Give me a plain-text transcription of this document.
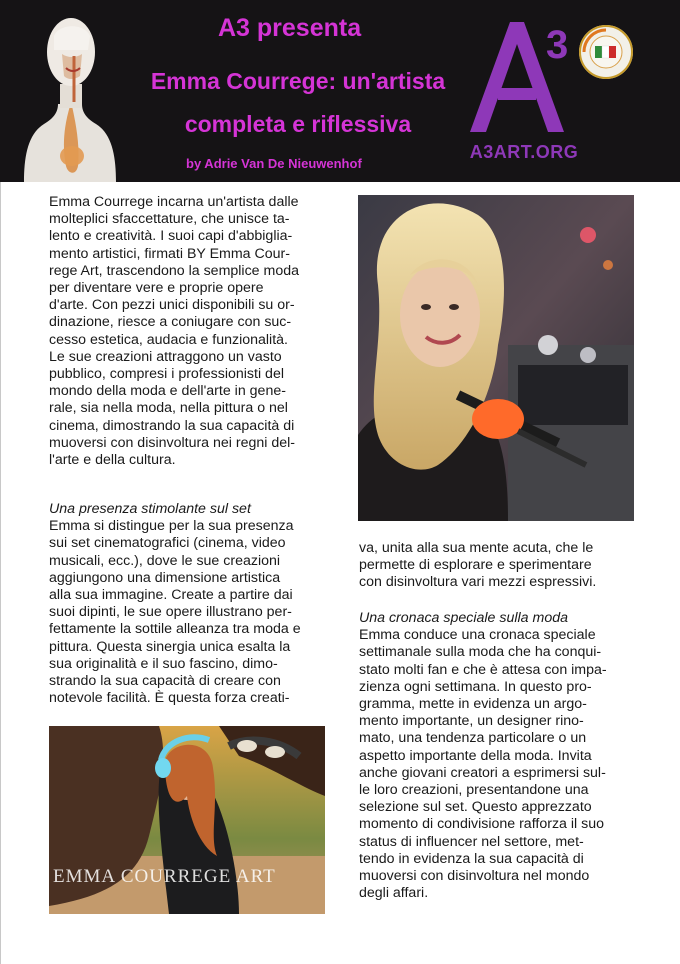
A3 presenta
Emma Courrege: un'artista
completa e riflessiva
by Adrie Van De Nieuwenhof
3
A3ART.ORG

Emma Courrege incarna un'artista dalle
molteplici sfaccettature, che unisce ta-
lento e creatività. I suoi capi d'abbiglia-
mento artistici, firmati BY Emma Cour-
rege Art, trascendono la semplice moda
per diventare vere e proprie opere
d'arte. Con pezzi unici disponibili su or-
dinazione, riesce a coniugare con suc-
cesso estetica, audacia e funzionalità.
Le sue creazioni attraggono un vasto
pubblico, compresi i professionisti del
mondo della moda e dell'arte in gene-
rale, sia nella moda, nella pittura o nel
cinema, dimostrando la sua capacità di
muoversi con disinvoltura nei regni del-
l'arte e della cultura.

Una presenza stimolante sul set

Emma si distingue per la sua presenza
sui set cinematografici (cinema, video
musicali, ecc.), dove le sue creazioni
aggiungono una dimensione artistica
alla sua immagine. Create a partire dai
suoi dipinti, le sue opere illustrano per-
fettamente la sottile alleanza tra moda e
pittura. Questa sinergia unica esalta la
sua originalità e il suo fascino, dimo-
strando la sua capacità di creare con
notevole facilità. È questa forza creati-

va, unita alla sua mente acuta, che le
permette di esplorare e sperimentare
con disinvoltura vari mezzi espressivi.

Una cronaca speciale sulla moda

Emma conduce una cronaca speciale
settimanale sulla moda che ha conqui-
stato molti fan e che è attesa con impa-
zienza ogni settimana. In questo pro-
gramma, mette in evidenza un argo-
mento importante, un designer rino-
mato, una tendenza particolare o un
aspetto importante della moda. Invita
anche giovani creatori a esprimersi sul-
le loro creazioni, presentandone una
selezione sul set. Questo apprezzato
momento di condivisione rafforza il suo
status di influencer nel settore, met-
tendo in evidenza la sua capacità di
muoversi con disinvoltura nel mondo
degli affari.

EMMA COURREGE ART
